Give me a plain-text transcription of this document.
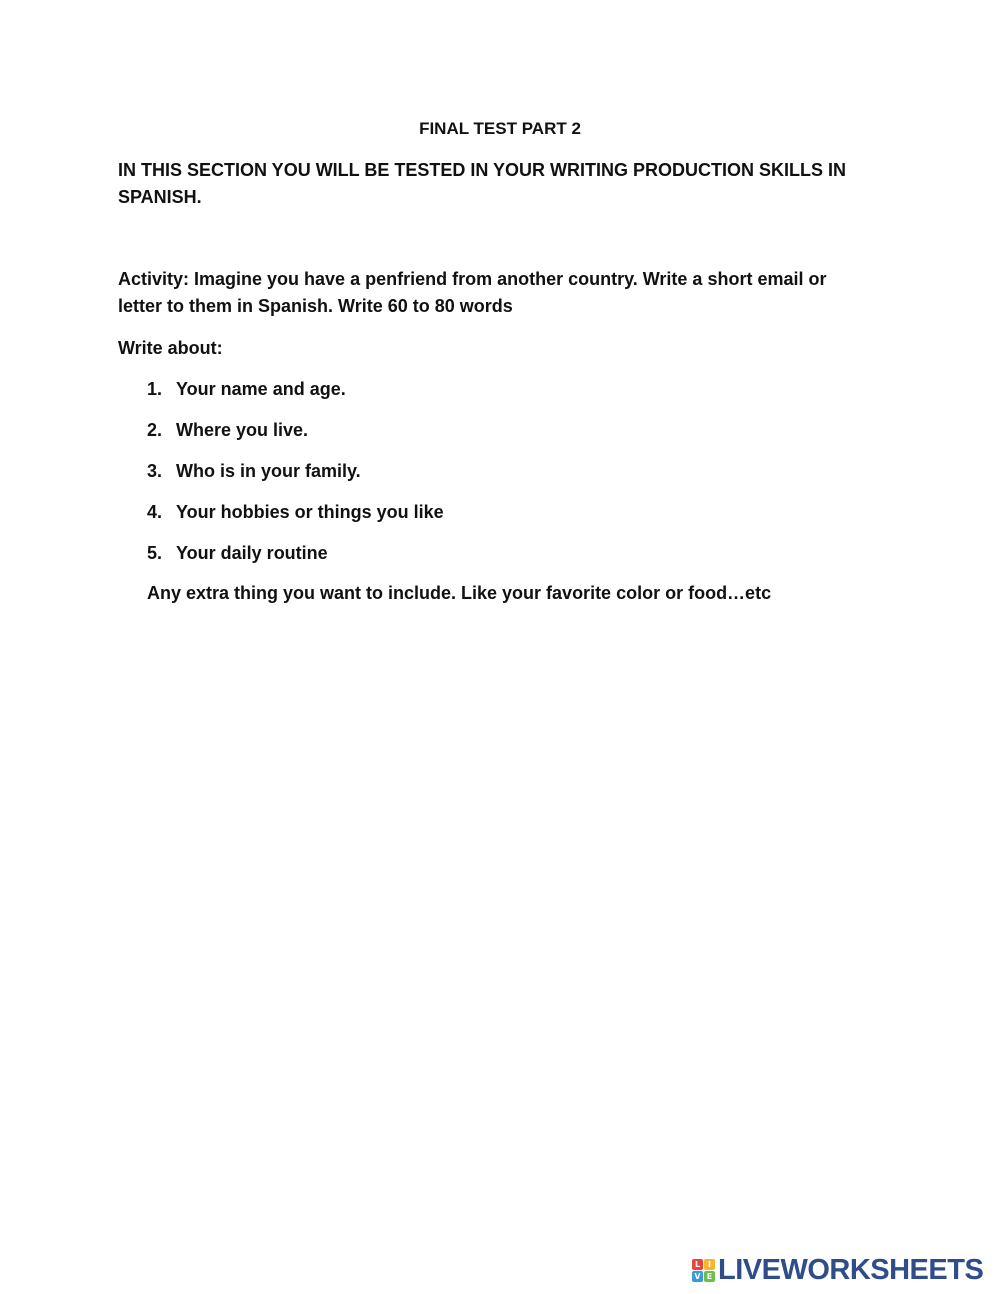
FINAL TEST PART 2
IN THIS SECTION YOU WILL BE TESTED IN YOUR WRITING PRODUCTION SKILLS IN SPANISH.
Activity: Imagine you have a penfriend from another country. Write a short email or letter to them in Spanish. Write 60 to 80 words
Write about:
1. Your name and age.
2. Where you live.
3. Who is in your family.
4. Your hobbies or things you like
5. Your daily routine
Any extra thing you want to include. Like your favorite color or food…etc
L I
V E LIVEWORKSHEETS
